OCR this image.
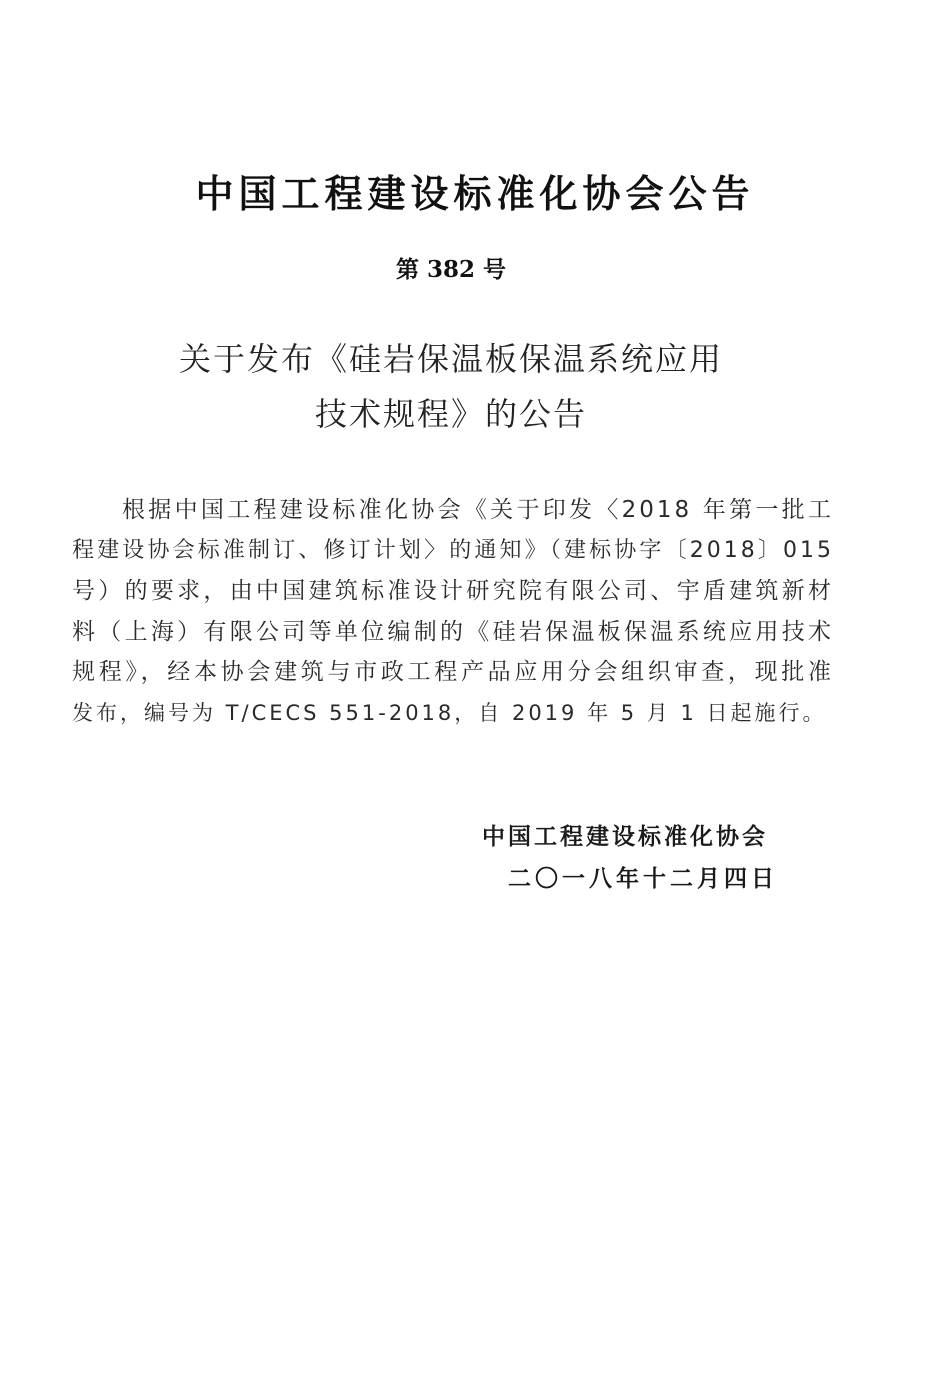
中国工程建设标准化协会公告
第 382 号
关于发布《硅岩保温板保温系统应用
技术规程》的公告
根据中国工程建设标准化协会《关于印发〈2018 年第一批工
程建设协会标准制订、修订计划〉的通知》（建标协字〔2018〕015
号）的要求，由中国建筑标准设计研究院有限公司、宇盾建筑新材
料（上海）有限公司等单位编制的《硅岩保温板保温系统应用技术
规程》，经本协会建筑与市政工程产品应用分会组织审查，现批准
发布，编号为 T/CECS 551-2018，自 2019 年 5 月 1 日起施行。
中国工程建设标准化协会
二〇一八年十二月四日
